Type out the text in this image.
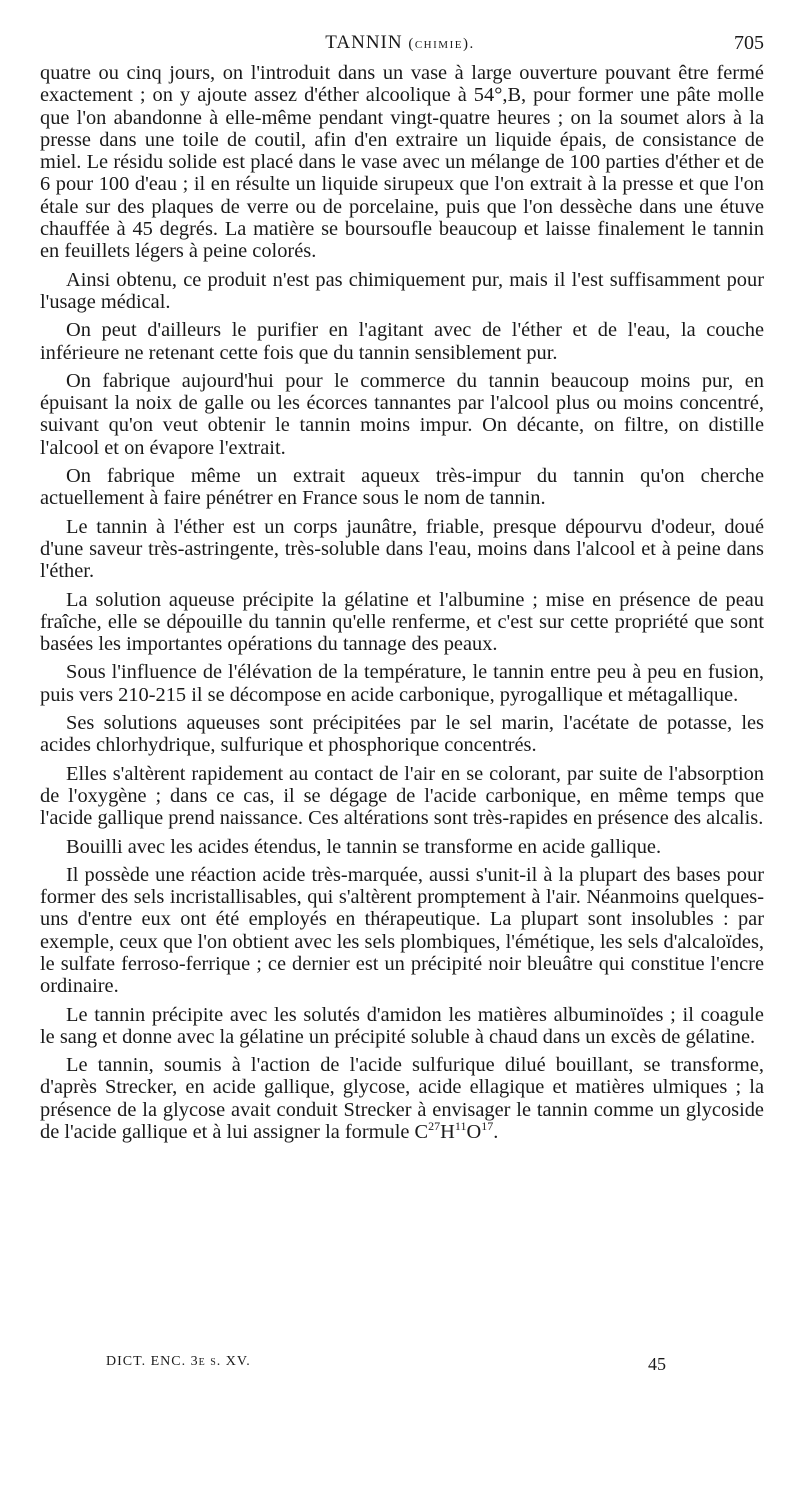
TANNIN (chimie).	705

quatre ou cinq jours, on l'introduit dans un vase à large ouverture pouvant être fermé exactement ; on y ajoute assez d'éther alcoolique à 54°,B, pour former une pâte molle que l'on abandonne à elle-même pendant vingt-quatre heures ; on la soumet alors à la presse dans une toile de coutil, afin d'en extraire un liquide épais, de consistance de miel. Le résidu solide est placé dans le vase avec un mélange de 100 parties d'éther et de 6 pour 100 d'eau ; il en résulte un liquide sirupeux que l'on extrait à la presse et que l'on étale sur des plaques de verre ou de porcelaine, puis que l'on dessèche dans une étuve chauffée à 45 degrés. La matière se boursoufle beaucoup et laisse finalement le tannin en feuillets légers à peine colorés.

Ainsi obtenu, ce produit n'est pas chimiquement pur, mais il l'est suffisamment pour l'usage médical.

On peut d'ailleurs le purifier en l'agitant avec de l'éther et de l'eau, la couche inférieure ne retenant cette fois que du tannin sensiblement pur.

On fabrique aujourd'hui pour le commerce du tannin beaucoup moins pur, en épuisant la noix de galle ou les écorces tannantes par l'alcool plus ou moins concentré, suivant qu'on veut obtenir le tannin moins impur. On décante, on filtre, on distille l'alcool et on évapore l'extrait.

On fabrique même un extrait aqueux très-impur du tannin qu'on cherche actuellement à faire pénétrer en France sous le nom de tannin.

Le tannin à l'éther est un corps jaunâtre, friable, presque dépourvu d'odeur, doué d'une saveur très-astringente, très-soluble dans l'eau, moins dans l'alcool et à peine dans l'éther.

La solution aqueuse précipite la gélatine et l'albumine ; mise en présence de peau fraîche, elle se dépouille du tannin qu'elle renferme, et c'est sur cette propriété que sont basées les importantes opérations du tannage des peaux.

Sous l'influence de l'élévation de la température, le tannin entre peu à peu en fusion, puis vers 210-215 il se décompose en acide carbonique, pyrogallique et métagallique.

Ses solutions aqueuses sont précipitées par le sel marin, l'acétate de potasse, les acides chlorhydrique, sulfurique et phosphorique concentrés.

Elles s'altèrent rapidement au contact de l'air en se colorant, par suite de l'absorption de l'oxygène ; dans ce cas, il se dégage de l'acide carbonique, en même temps que l'acide gallique prend naissance. Ces altérations sont très-rapides en présence des alcalis.

Bouilli avec les acides étendus, le tannin se transforme en acide gallique.

Il possède une réaction acide très-marquée, aussi s'unit-il à la plupart des bases pour former des sels incristallisables, qui s'altèrent promptement à l'air. Néanmoins quelques-uns d'entre eux ont été employés en thérapeutique. La plupart sont insolubles : par exemple, ceux que l'on obtient avec les sels plombiques, l'émétique, les sels d'alcaloïdes, le sulfate ferroso-ferrique ; ce dernier est un précipité noir bleuâtre qui constitue l'encre ordinaire.

Le tannin précipite avec les solutés d'amidon les matières albuminoïdes ; il coagule le sang et donne avec la gélatine un précipité soluble à chaud dans un excès de gélatine.

Le tannin, soumis à l'action de l'acide sulfurique dilué bouillant, se transforme, d'après Strecker, en acide gallique, glycose, acide ellagique et matières ulmiques ; la présence de la glycose avait conduit Strecker à envisager le tannin comme un glycoside de l'acide gallique et à lui assigner la formule $C^{27}H^{11}O^{17}$.

DICT. ENC. 3e s. XV.	45
